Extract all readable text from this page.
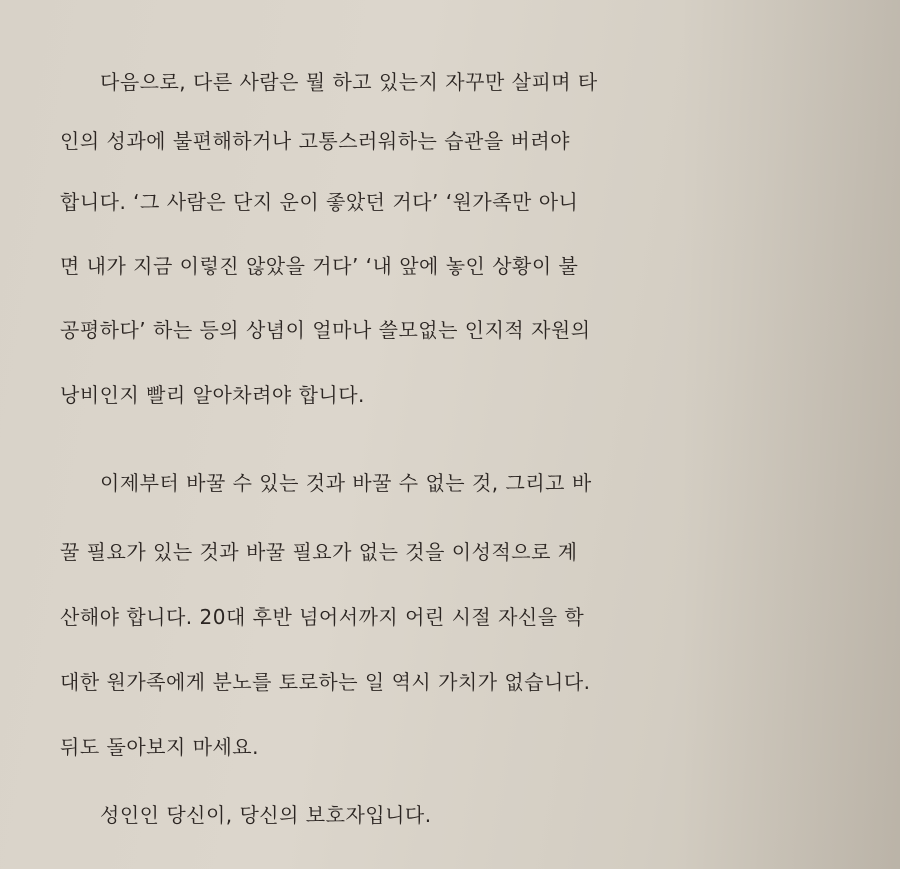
다음으로, 다른 사람은 뭘 하고 있는지 자꾸만 살피며 타
인의 성과에 불편해하거나 고통스러워하는 습관을 버려야
합니다. ‘그 사람은 단지 운이 좋았던 거다’ ‘원가족만 아니
면 내가 지금 이렇진 않았을 거다’ ‘내 앞에 놓인 상황이 불
공평하다’ 하는 등의 상념이 얼마나 쓸모없는 인지적 자원의
낭비인지 빨리 알아차려야 합니다.
이제부터 바꿀 수 있는 것과 바꿀 수 없는 것, 그리고 바
꿀 필요가 있는 것과 바꿀 필요가 없는 것을 이성적으로 계
산해야 합니다. 20대 후반 넘어서까지 어린 시절 자신을 학
대한 원가족에게 분노를 토로하는 일 역시 가치가 없습니다.
뒤도 돌아보지 마세요.
성인인 당신이, 당신의 보호자입니다.
